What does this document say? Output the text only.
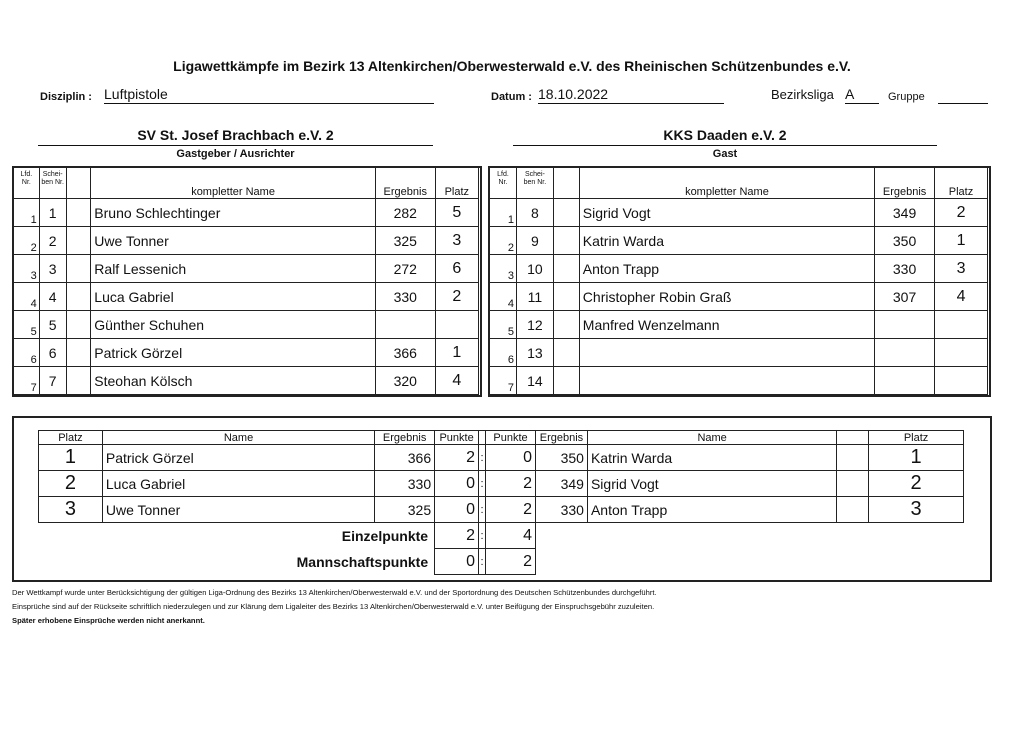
Ligawettkämpfe im Bezirk 13 Altenkirchen/Oberwesterwald e.V. des Rheinischen Schützenbundes e.V.
Disziplin : Luftpistole	Datum : 18.10.2022	Bezirksliga A	Gruppe
SV St. Josef Brachbach e.V. 2
Gastgeber / Ausrichter
KKS Daaden e.V. 2
Gast
Lfd.
Nr.	Schei-
ben Nr.		kompletter Name	Ergebnis	Platz
1	1		Bruno Schlechtinger	282	5
2	2		Uwe Tonner	325	3
3	3		Ralf Lessenich	272	6
4	4		Luca Gabriel	330	2
5	5		Günther Schuhen		
6	6		Patrick Görzel	366	1
7	7		Steohan Kölsch	320	4
Lfd.
Nr.	Schei-
ben Nr.		kompletter Name	Ergebnis	Platz
1	8		Sigrid Vogt	349	2
2	9		Katrin Warda	350	1
3	10		Anton Trapp	330	3
4	11		Christopher Robin Graß	307	4
5	12		Manfred Wenzelmann		
6	13				
7	14				
Platz	Name	Ergebnis	Punkte		Punkte	Ergebnis	Name		Platz
1	Patrick Görzel	366	2	:	0	350	Katrin Warda		1
2	Luca Gabriel	330	0	:	2	349	Sigrid Vogt		2
3	Uwe Tonner	325	0	:	2	330	Anton Trapp		3
Einzelpunkte			2	:	4				
Mannschaftspunkte			0	:	2				
Der Wettkampf wurde unter Berücksichtigung der gültigen Liga-Ordnung des Bezirks 13 Altenkirchen/Oberwesterwald e.V. und der Sportordnung des Deutschen Schützenbundes durchgeführt.
Einsprüche sind auf der Rückseite schriftlich niederzulegen und zur Klärung dem Ligaleiter des Bezirks 13 Altenkirchen/Oberwesterwald e.V. unter Beifügung der Einspruchsgebühr zuzuleiten.
Später erhobene Einsprüche werden nicht anerkannt.
